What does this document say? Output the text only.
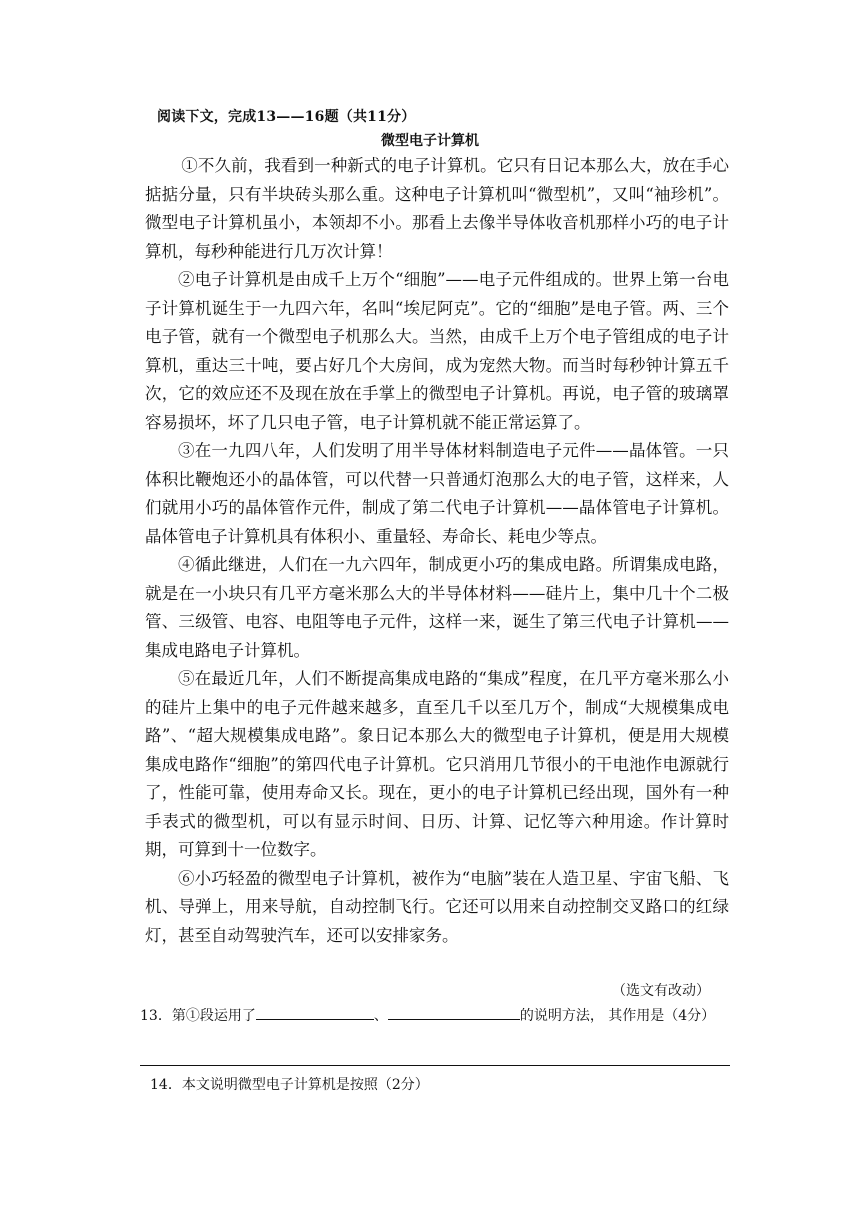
阅读下文，完成13——16题（共11分）
微型电子计算机

①不久前，我看到一种新式的电子计算机。它只有日记本那么大，放在手心掂掂分量，只有半块砖头那么重。这种电子计算机叫“微型机”，又叫“袖珍机”。微型电子计算机虽小，本领却不小。那看上去像半导体收音机那样小巧的电子计算机，每秒种能进行几万次计算！

②电子计算机是由成千上万个“细胞”——电子元件组成的。世界上第一台电子计算机诞生于一九四六年，名叫“埃尼阿克”。它的“细胞”是电子管。两、三个电子管，就有一个微型电子机那么大。当然，由成千上万个电子管组成的电子计算机，重达三十吨，要占好几个大房间，成为宠然大物。而当时每秒钟计算五千次，它的效应还不及现在放在手掌上的微型电子计算机。再说，电子管的玻璃罩容易损坏，坏了几只电子管，电子计算机就不能正常运算了。

③在一九四八年，人们发明了用半导体材料制造电子元件——晶体管。一只体积比鞭炮还小的晶体管，可以代替一只普通灯泡那么大的电子管，这样来，人们就用小巧的晶体管作元件，制成了第二代电子计算机——晶体管电子计算机。晶体管电子计算机具有体积小、重量轻、寿命长、耗电少等点。

④循此继进，人们在一九六四年，制成更小巧的集成电路。所谓集成电路，就是在一小块只有几平方毫米那么大的半导体材料——硅片上，集中几十个二极管、三级管、电容、电阻等电子元件，这样一来，诞生了第三代电子计算机——集成电路电子计算机。

⑤在最近几年，人们不断提高集成电路的“集成”程度，在几平方毫米那么小的硅片上集中的电子元件越来越多，直至几千以至几万个，制成“大规模集成电路”、“超大规模集成电路”。象日记本那么大的微型电子计算机，便是用大规模集成电路作“细胞”的第四代电子计算机。它只消用几节很小的干电池作电源就行了，性能可靠，使用寿命又长。现在，更小的电子计算机已经出现，国外有一种手表式的微型机，可以有显示时间、日历、计算、记忆等六种用途。作计算时期，可算到十一位数字。

⑥小巧轻盈的微型电子计算机，被作为“电脑”装在人造卫星、宇宙飞船、飞机、导弹上，用来导航，自动控制飞行。它还可以用来自动控制交叉路口的红绿灯，甚至自动驾驶汽车，还可以安排家务。

（选文有改动）
13．第①段运用了	、	的说明方法， 其作用是（4分）
14．本文说明微型电子计算机是按照（2分）
